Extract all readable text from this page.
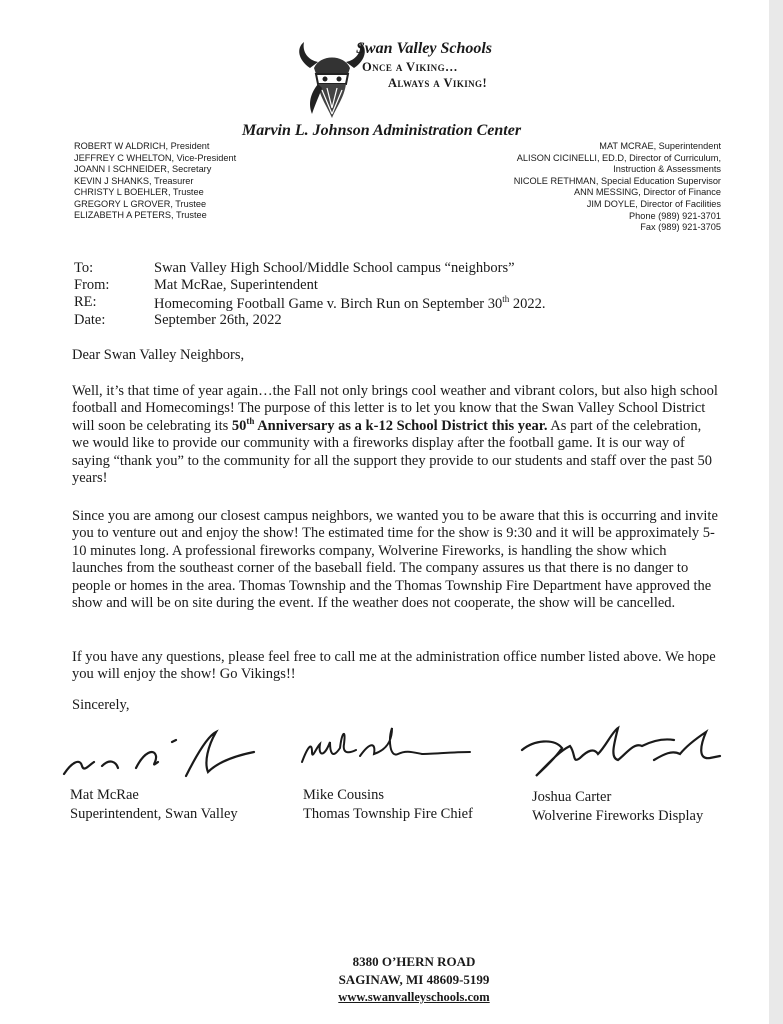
Swan Valley Schools
Once a Viking…
Always a Viking!
Marvin L. Johnson Administration Center
ROBERT W ALDRICH, President
JEFFREY C WHELTON, Vice-President
JOANN I SCHNEIDER, Secretary
KEVIN J SHANKS, Treasurer
CHRISTY L BOEHLER, Trustee
GREGORY L GROVER, Trustee
ELIZABETH A PETERS, Trustee
MAT MCRAE, Superintendent
ALISON CICINELLI, ED.D, Director of Curriculum,
Instruction & Assessments
NICOLE RETHMAN, Special Education Supervisor
ANN MESSING, Director of Finance
JIM DOYLE, Director of Facilities
Phone (989) 921-3701
Fax (989) 921-3705
To:	Swan Valley High School/Middle School campus “neighbors”
From:	Mat McRae, Superintendent
RE:	Homecoming Football Game v. Birch Run on September 30th 2022.
Date:	September 26th, 2022
Dear Swan Valley Neighbors,
Well, it’s that time of year again…the Fall not only brings cool weather and vibrant colors, but also high school football and Homecomings! The purpose of this letter is to let you know that the Swan Valley School District will soon be celebrating its 50th Anniversary as a k-12 School District this year. As part of the celebration, we would like to provide our community with a fireworks display after the football game. It is our way of saying “thank you” to the community for all the support they provide to our students and staff over the past 50 years!
Since you are among our closest campus neighbors, we wanted you to be aware that this is occurring and invite you to venture out and enjoy the show! The estimated time for the show is 9:30 and it will be approximately 5-10 minutes long. A professional fireworks company, Wolverine Fireworks, is handling the show which launches from the southeast corner of the baseball field. The company assures us that there is no danger to people or homes in the area. Thomas Township and the Thomas Township Fire Department have approved the show and will be on site during the event. If the weather does not cooperate, the show will be cancelled.
If you have any questions, please feel free to call me at the administration office number listed above. We hope you will enjoy the show! Go Vikings!!
Sincerely,
Mat McRae
Superintendent, Swan Valley
Mike Cousins
Thomas Township Fire Chief
Joshua Carter
Wolverine Fireworks Display
8380 O’HERN ROAD
SAGINAW, MI 48609-5199
www.swanvalleyschools.com
